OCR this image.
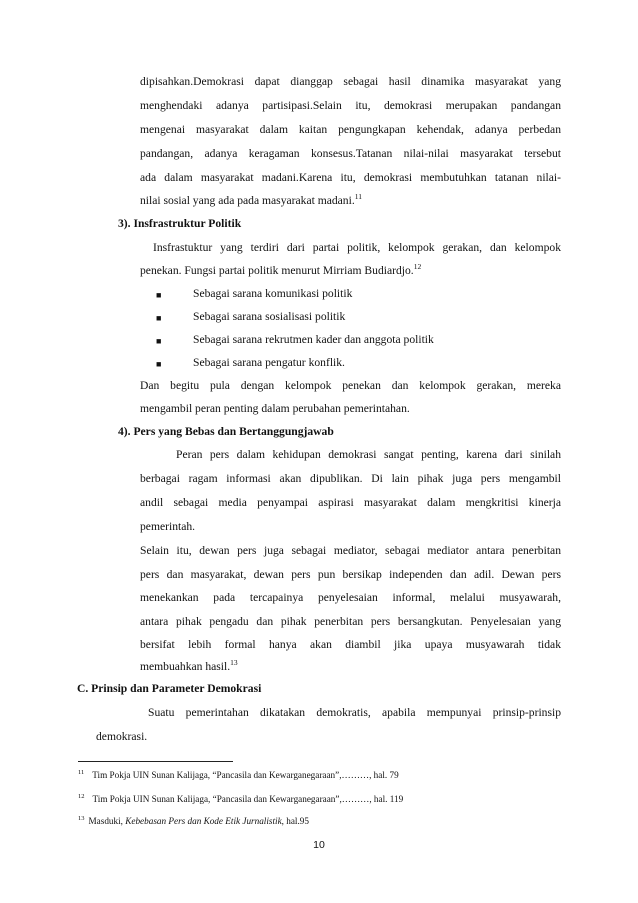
dipisahkan.Demokrasi dapat dianggap sebagai hasil dinamika masyarakat yang
menghendaki adanya partisipasi.Selain itu, demokrasi merupakan pandangan
mengenai masyarakat dalam kaitan pengungkapan kehendak, adanya perbedan
pandangan, adanya keragaman konsesus.Tatanan nilai-nilai masyarakat tersebut
ada dalam masyarakat madani.Karena itu, demokrasi membutuhkan tatanan nilai-
nilai sosial yang ada pada masyarakat madani.$^{11}$
3). Insfrastruktur Politik
Insfrastuktur yang terdiri dari partai politik, kelompok gerakan, dan kelompok
penekan. Fungsi partai politik menurut Mirriam Budiardjo.$^{12}$
■	Sebagai sarana komunikasi politik
■	Sebagai sarana sosialisasi politik
■	Sebagai sarana rekrutmen kader dan anggota politik
■	Sebagai sarana pengatur konflik.
Dan begitu pula dengan kelompok penekan dan kelompok gerakan, mereka
mengambil peran penting dalam perubahan pemerintahan.
4). Pers yang Bebas dan Bertanggungjawab
Peran pers dalam kehidupan demokrasi sangat penting, karena dari sinilah
berbagai ragam informasi akan dipublikan. Di lain pihak juga pers mengambil
andil sebagai media penyampai aspirasi masyarakat dalam mengkritisi kinerja
pemerintah.
Selain itu, dewan pers juga sebagai mediator, sebagai mediator antara penerbitan
pers dan masyarakat, dewan pers pun bersikap independen dan adil. Dewan pers
menekankan pada tercapainya penyelesaian informal, melalui musyawarah,
antara pihak pengadu dan pihak penerbitan pers bersangkutan. Penyelesaian yang
bersifat lebih formal hanya akan diambil jika upaya musyawarah tidak
membuahkan hasil.$^{13}$
C. Prinsip dan Parameter Demokrasi
Suatu pemerintahan dikatakan demokratis, apabila mempunyai prinsip-prinsip
demokrasi.
$^{11}$ Tim Pokja UIN Sunan Kalijaga, “Pancasila dan Kewarganegaraan”,………, hal. 79
$^{12}$ Tim Pokja UIN Sunan Kalijaga, “Pancasila dan Kewarganegaraan”,………, hal. 119
$^{13}$ Masduki, Kebebasan Pers dan Kode Etik Jurnalistik, hal.95
10
